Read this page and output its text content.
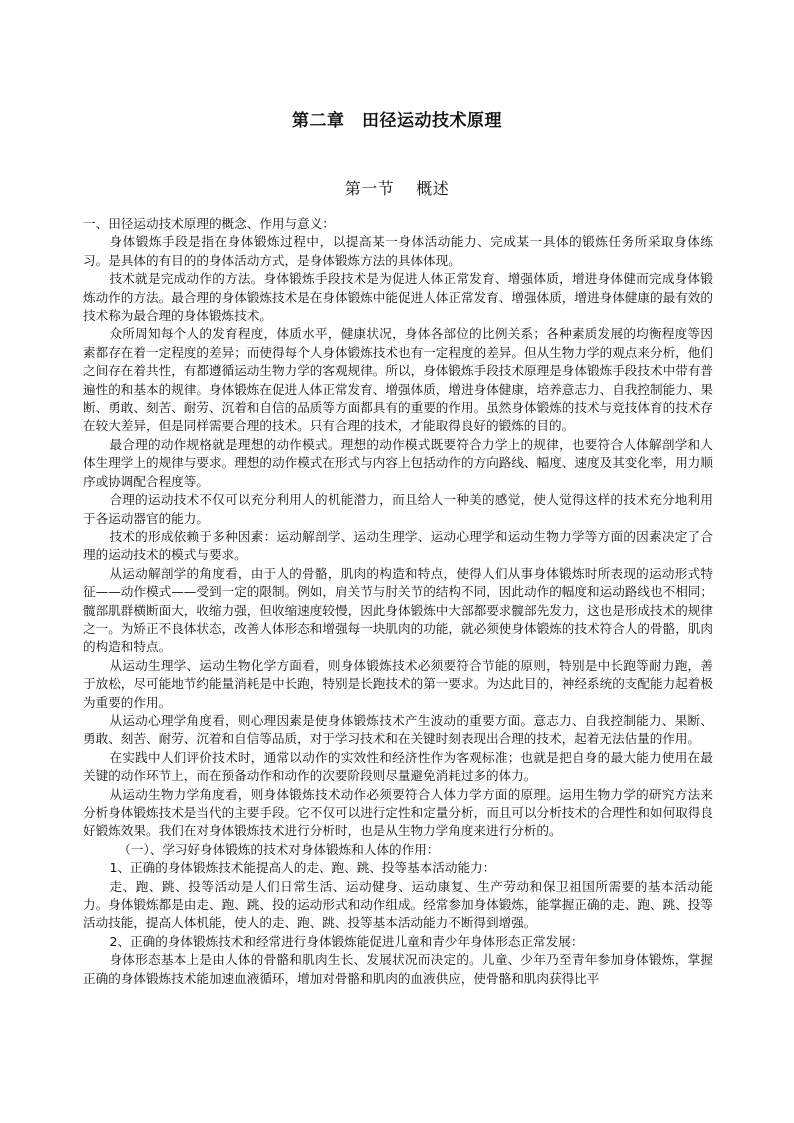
第二章　田径运动技术原理
第一节　 概述

一、田径运动技术原理的概念、作用与意义：

身体锻炼手段是指在身体锻炼过程中，以提高某一身体活动能力、完成某一具体的锻炼任务所采取身体练习。是具体的有目的的身体活动方式，是身体锻炼方法的具体体现。

技术就是完成动作的方法。身体锻炼手段技术是为促进人体正常发育、增强体质，增进身体健而完成身体锻炼动作的方法。最合理的身体锻炼技术是在身体锻炼中能促进人体正常发育、增强体质，增进身体健康的最有效的技术称为最合理的身体锻炼技术。

众所周知每个人的发育程度，体质水平，健康状况，身体各部位的比例关系；各种素质发展的均衡程度等因素都存在着一定程度的差异；而使得每个人身体锻炼技术也有一定程度的差异。但从生物力学的观点来分析，他们之间存在着共性，有都遵循运动生物力学的客观规律。所以，身体锻炼手段技术原理是身体锻炼手段技术中带有普遍性的和基本的规律。身体锻炼在促进人体正常发育、增强体质，增进身体健康，培养意志力、自我控制能力、果断、勇敢、刻苦、耐劳、沉着和自信的品质等方面都具有的重要的作用。虽然身体锻炼的技术与竞技体育的技术存在较大差异，但是同样需要合理的技术。只有合理的技术，才能取得良好的锻炼的目的。

最合理的动作规格就是理想的动作模式。理想的动作模式既要符合力学上的规律，也要符合人体解剖学和人体生理学上的规律与要求。理想的动作模式在形式与内容上包括动作的方向路线、幅度、速度及其变化率，用力顺序或协调配合程度等。

合理的运动技术不仅可以充分利用人的机能潜力，而且给人一种美的感觉，使人觉得这样的技术充分地利用于各运动器官的能力。

技术的形成依赖于多种因素：运动解剖学、运动生理学、运动心理学和运动生物力学等方面的因素决定了合理的运动技术的模式与要求。

从运动解剖学的角度看，由于人的骨骼，肌肉的构造和特点，使得人们从事身体锻炼时所表现的运动形式特征——动作模式——受到一定的限制。例如，肩关节与肘关节的结构不同，因此动作的幅度和运动路线也不相同；髋部肌群横断面大，收缩力强，但收缩速度较慢，因此身体锻炼中大部都要求髋部先发力，这也是形成技术的规律之一。为矫正不良体状态，改善人体形态和增强每一块肌肉的功能，就必须使身体锻炼的技术符合人的骨骼，肌肉的构造和特点。

从运动生理学、运动生物化学方面看，则身体锻炼技术必须要符合节能的原则，特别是中长跑等耐力跑，善于放松，尽可能地节约能量消耗是中长跑，特别是长跑技术的第一要求。为达此目的，神经系统的支配能力起着极为重要的作用。

从运动心理学角度看，则心理因素是使身体锻炼技术产生波动的重要方面。意志力、自我控制能力、果断、勇敢、刻苦、耐劳、沉着和自信等品质，对于学习技术和在关键时刻表现出合理的技术，起着无法估量的作用。

在实践中人们评价技术时，通常以动作的实效性和经济性作为客观标准；也就是把自身的最大能力使用在最关键的动作环节上，而在预备动作和动作的次要阶段则尽量避免消耗过多的体力。

从运动生物力学角度看，则身体锻炼技术动作必须要符合人体力学方面的原理。运用生物力学的研究方法来分析身体锻炼技术是当代的主要手段。它不仅可以进行定性和定量分析，而且可以分析技术的合理性和如何取得良好锻炼效果。我们在对身体锻炼技术进行分析时，也是从生物力学角度来进行分析的。

（一）、学习好身体锻炼的技术对身体锻炼和人体的作用：

1、正确的身体锻炼技术能提高人的走、跑、跳、投等基本活动能力：

走、跑、跳、投等活动是人们日常生活、运动健身、运动康复、生产劳动和保卫祖国所需要的基本活动能力。身体锻炼都是由走、跑、跳、投的运动形式和动作组成。经常参加身体锻炼，能掌握正确的走、跑、跳、投等活动技能，提高人体机能，使人的走、跑、跳、投等基本活动能力不断得到增强。

2、正确的身体锻炼技术和经常进行身体锻炼能促进儿童和青少年身体形态正常发展：

身体形态基本上是由人体的骨骼和肌肉生长、发展状况而决定的。儿童、少年乃至青年参加身体锻炼，掌握正确的身体锻炼技术能加速血液循环，增加对骨骼和肌肉的血液供应，使骨骼和肌肉获得比平
